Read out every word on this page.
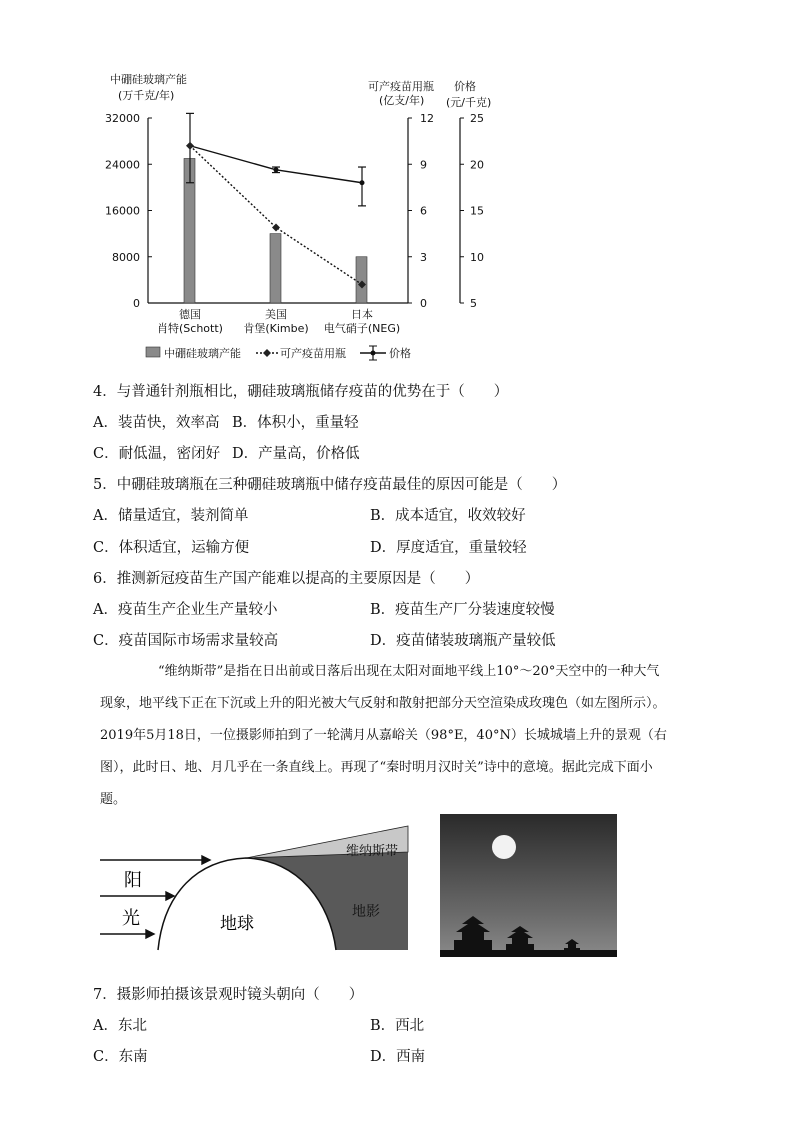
中硼硅玻璃产能
(万千克/年)
可产疫苗用瓶
(亿支/年)
价格
(元/千克)
0
8000
16000
24000
32000
0
3
6
9
12
5
10
15
20
25
德国
肖特(Schott)
美国
肯堡(Kimbe)
日本
电气硝子(NEG)
中硼硅玻璃产能	可产疫苗用瓶	价格
4．与普通针剂瓶相比，硼硅玻璃瓶储存疫苗的优势在于（　　）
A．装苗快，效率高 B．体积小，重量轻
C．耐低温，密闭好 D．产量高，价格低
5．中硼硅玻璃瓶在三种硼硅玻璃瓶中储存疫苗最佳的原因可能是（　　）
A．储量适宜，装剂简单	B．成本适宜，收效较好
C．体积适宜，运输方便	D．厚度适宜，重量较轻
6．推测新冠疫苗生产国产能难以提高的主要原因是（　　）
A．疫苗生产企业生产量较小	B．疫苗生产厂分装速度较慢
C．疫苗国际市场需求量较高	D．疫苗储装玻璃瓶产量较低
“维纳斯带”是指在日出前或日落后出现在太阳对面地平线上10°～20°天空中的一种大气现象，地平线下正在下沉或上升的阳光被大气反射和散射把部分天空渲染成玫瑰色（如左图所示）。2019年5月18日，一位摄影师拍到了一轮满月从嘉峪关（98°E，40°N）长城城墙上升的景观（右图），此时日、地、月几乎在一条直线上。再现了“秦时明月汉时关”诗中的意境。据此完成下面小题。
阳
光	地球
地影
维纳斯带
7．摄影师拍摄该景观时镜头朝向（　　）
A．东北	B．西北
C．东南	D．西南
